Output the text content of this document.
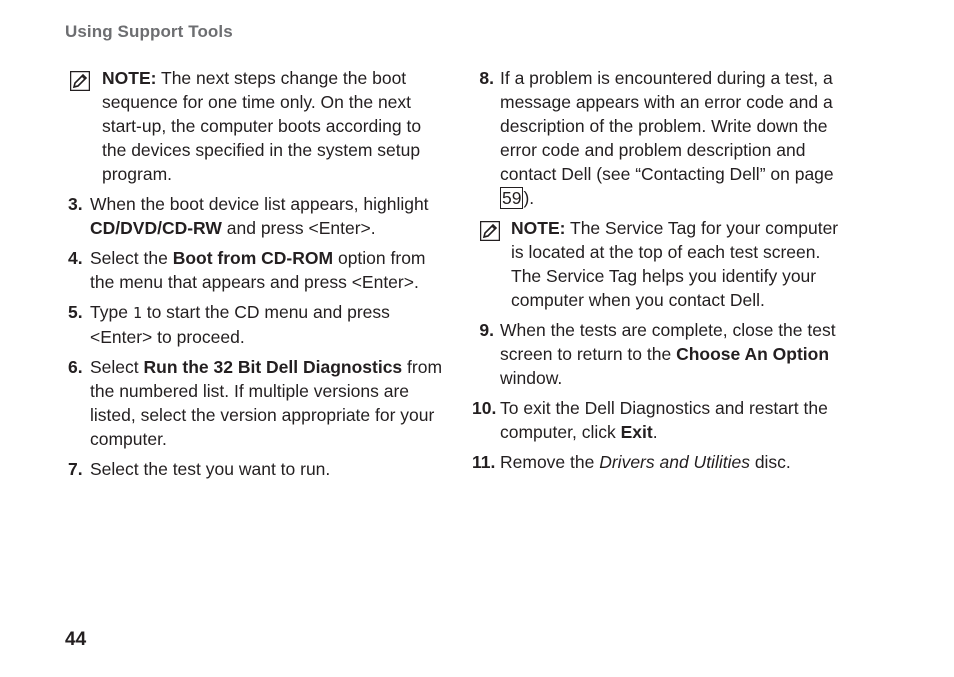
Using Support Tools
NOTE: The next steps change the boot sequence for one time only. On the next start-up, the computer boots according to the devices specified in the system setup program.
3. When the boot device list appears, highlight CD/DVD/CD-RW and press <Enter>.
4. Select the Boot from CD-ROM option from the menu that appears and press <Enter>.
5. Type 1 to start the CD menu and press <Enter> to proceed.
6. Select Run the 32 Bit Dell Diagnostics from the numbered list. If multiple versions are listed, select the version appropriate for your computer.
7. Select the test you want to run.
8. If a problem is encountered during a test, a message appears with an error code and a description of the problem. Write down the error code and problem description and contact Dell (see “Contacting Dell” on page 59 ).
NOTE: The Service Tag for your computer is located at the top of each test screen. The Service Tag helps you identify your computer when you contact Dell.
9. When the tests are complete, close the test screen to return to the Choose An Option window.
10. To exit the Dell Diagnostics and restart the computer, click Exit.
11. Remove the Drivers and Utilities disc.
44
